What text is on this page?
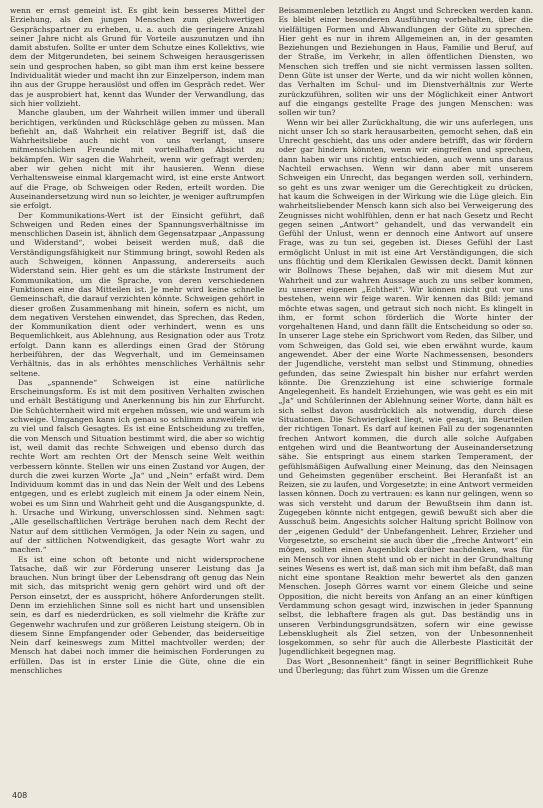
wenn er ernst gemeint ist. Es gibt kein besseres Mittel der Erziehung, als den jungen Menschen zum gleichwertigen Gesprächspartner zu erheben, u. a. auch die geringere Anzahl seiner Jahre nicht als Grund für Vorteile auszunutzen und ihn damit abstufen. Sollte er unter dem Schutze eines Kollektivs, wie dem der Mitgerundeten, bei seinem Schweigen herausgerissen sein und gesprochen haben, so gibt man ihm erst keine bessere Individualität wieder und macht ihn zur Einzelperson, indem man ihn aus der Gruppe herauslöst und offen im Gespräch redet. Wer das je ausprobiert hat, kennt das Wunder der Verwandlung, das sich hier vollzieht.

Manche glauben, um der Wahrheit willen immer und überall berichtigen, verkünden und Rückschläge geben zu müssen. Man befiehlt an, daß Wahrheit ein relativer Begriff ist, daß die Wahrheitsliebe auch nicht von uns verlangt, unsere mitmenschlichen Freunde mit vorteilhaften Absicht zu bekämpfen. Wir sagen die Wahrheit, wenn wir gefragt werden; aber wir gehen nicht mit ihr hausieren. Wenn diese Verhaltensweise einmal klargemacht wird, ist eine erste Antwort auf die Frage, ob Schweigen oder Reden, erteilt worden. Die Auseinandersetzung wird nun so leichter, je weniger auftrumpfen sie erfolgt.

Der Kommunikations-Wert ist der Einsicht geführt, daß Schweigen und Reden eines der Spannungsverhältnisse im menschlichen Dasein ist, ähnlich dem Gegensatzpaar „Anpassung und Widerstand“, wobei beiseit werden muß, daß die Verständigungsfähigkeit nur Stimmung bringt, sowohl Reden als auch Schweigen, können Anpassung, andererseits auch Widerstand sein. Hier geht es um die stärkste Instrument der Kommunikation, um die Sprache, von deren verschiedenen Funktionen eine das Mitteilen ist. Je mehr wird keine schnelle Gemeinschaft, die darauf verzichten könnte. Schweigen gehört in dieser großen Zusammenhang mit hinein, sofern es nicht, um dem negativen Verstehen einwendet, das Sprechen, das Reden, der Kommunikation dient oder verhindert, wenn es uns Bequemlichkeit, aus Ablehnung, aus Resignation oder aus Trotz erfolgt. Dann kann es allerdings einen Grad der Störung herbeiführen, der das Wegverhalt, und im Gemeinsamen Verhältnis, das in als erhöhtes menschliches Verhältnis sehr seltene.

Das „spannende“ Schweigen ist eine natürliche Erscheinungsform. Es ist mit dem positiven Verhalten zwischen und erhält Bestätigung und Anerkennung bis hin zur Ehrfurcht. Die Schüchternheit wird mit ergehen müssen, wie und warum ich schweige. Umgangen kann ich genau so schlimm anzweifeln wie zu viel und falsch Gesagtes. Es ist eine Entscheidung zu treffen, die von Mensch und Situation bestimmt wird, die aber so wichtig ist, weil damit das rechte Schweigen und ebenso durch das rechte Wort am rechten Ort der Mensch seine Welt weithin verbessern könnte. Stellen wir uns einen Zustand vor Augen, der durch die zwei kurzen Worte „Ja“ und „Nein“ erfaßt wird. Dem Individuum kommt das in und das Nein der Welt und des Lebens entgegen, und es erlebt zugleich mit einem Ja oder einem Nein, wobei es um Sinn und Wahrheit geht und die Ausgangspunkte, d. h. Ursache und Wirkung, unverschlossen sind. Nehmen sagt: „Alle gesellschaftlichen Verträge beruhen nach dem Recht der Natur auf dem sittlichen Vermögen, Ja oder Nein zu sagen, und auf der sittlichen Notwendigkeit, das gesagte Wort wahr zu machen.“

Es ist eine schon oft betonte und nicht widersprochene Tatsache, daß wir zur Förderung unserer Leistung das Ja brauchen. Nun bringt über der Lebensdrang oft genug das Nein mit sich, das mitspricht wenig gern gehört wird und oft der Person einsetzt, der es ausspricht, höhere Anforderungen stellt. Denn im erziehlichen Sinne soll es nicht hart und unsensiblen sein, es darf es niederdrücken, es soll vielmehr die Kräfte zur Gegenwehr wachrufen und zur größeren Leistung steigern. Ob in diesem Sinne Empfangender oder Gebender, das beiderseitige Nein darf keineswegs zum Mittel machtvoller werden; der Mensch hat dabei noch immer die heimischen Forderungen zu erfüllen. Das ist in erster Linie die Güte, ohne die ein menschliches

Beisammenleben letztlich zu Angst und Schrecken werden kann. Es bleibt einer besonderen Ausführung vorbehalten, über die vielfältigen Formen und Abwandlungen der Güte zu sprechen. Hier geht es nur in ihrem Allgemeinen an, in der gesamten Beziehungen und Beziehungen in Haus, Familie und Beruf, auf der Straße, im Verkehr, in allen öffentlichen Diensten, wo Menschen sich treffen und sie nicht vermissen lassen sollten. Denn Güte ist unser der Werte, und da wir nicht wollen können, das Verhalten im Schul- und im Dienstverhältnis zur Werte zurückzuführen, sollten wir uns der Möglichkeit einer Antwort auf die eingangs gestellte Frage des jungen Menschen: was sollen wir tun?

Wenn wir bei aller Zurückhaltung, die wir uns auferlegen, uns nicht unser Ich so stark herausarbeiten, gemocht sehen, daß ein Unrecht geschieht, das uns oder andere betrifft, das wir fördern oder gar hindern könnten, wenn wir eingreifen und sprechen, dann haben wir uns richtig entschieden, auch wenn uns daraus Nachteil erwachsen. Wenn wir dann aber mit unserem Schweigen ein Unrecht, das begangen werden soll, verhindern, so geht es uns zwar weniger um die Gerechtigkeit zu drücken, hat kaum die Schweigen in der Wirkung wie die Lüge gleich. Ein wahrheitsliebender Mensch kann sich also bei Verweigerung des Zeugnisses nicht wohlfühlen, denn er hat nach Gesetz und Recht gegen seinen „Antwort“ gehandelt, und das verwandelt ein Gefühl der Unlust, wenn er dennoch eine Antwort auf unsere Frage, was zu tun sei, gegeben ist. Dieses Gefühl der Last ermöglicht Unlust in mit ist eine Art Verständigungen, die sich uns flüchtig und dem Klerikalen Gewissen deckt. Damit können wir Bollnows These bejahen, daß wir mit diesem Mut zur Wahrheit und zur wahren Aussage auch zu uns selber kommen, zu unserer eigenen „Echtheit“. Wir können nicht gut vor uns bestehen, wenn wir feige waren. Wir kennen das Bild: jemand möchte etwas sagen, und getraut sich noch nicht. Es klingelt in ihm, er formt schon förderlich die Worte hinter der vorgehaltenen Hand, und dann fällt die Entscheidung so oder so. In unserer Lage stehe ein Sprichwort vom Reden, das Silber, und vom Schweigen, das Gold sei, wie eben erwähnt wurde, kaum angewendet. Aber der eine Worte Nachmessensen, besonders der Jugendliche, versteht man selbst und Stimmung, ohnedies gefunden, das seine Zwiespalt hin bisher nur erfahrt werden könnte. Die Grenzziehung ist eine schwierige formale Angelegenheit. Es handelt Erziehungen, wie was geht es ein mit „Ja“ und Schülerinnen der Ablehnung seiner Worte, dann hält es sich selbst davon ausdrücklich als notwendig, durch diese Situationen. Die Schwierigkeit liegt, wie gesagt, im Beurteilen der richtigen Tonart. Es darf auf keinen Fall zu der sogenannten frechen Antwort kommen, die durch alle solche Aufgaben entgehen wird und die Beantwortung der Auseinandersetzung sähe. Sie entspringt aus einem starken Temperament, der gefühlsmäßigen Aufwallung einer Meinung, das den Neinsagen und Geheimsten gegenüber erscheint. Bei Heranfaßt ist an Reizen, sie zu laufen, und Vorgesetzte; in eine Antwort vermeiden lassen können. Doch zu vertrauen: es kann nur gelingen, wenn so was sich versteht und darum der Bewußtsein ihm dann ist. Zugegeben könnte nicht entgegen, gewiß bewußt sich aber die Ausschuß beim. Angesichts solcher Haltung spricht Bollnow von der „eigenen Geduld“ der Unbefangenheit. Lehrer, Erzieher und Vorgesetzte, so erscheint sie auch über die „freche Antwort“ ein mögen, sollten einen Augenblick darüber nachdenken, was für ein Mensch vor ihnen steht und ob er nicht in der Grundhaltung seines Wesens es wert ist, daß man sich mit ihm befaßt, daß man nicht eine spontane Reaktion mehr bewertet als den ganzen Menschen. Joseph Görres warnt vor einem Gleiche und seine Opposition, die nicht bereits von Anfang an an einer künftigen Verdammung schon gesagt wird, inzwischen in jeder Spannung selbst, die lebhaftere fragen als gut. Das beständig uns in unseren Verbindungsgrundsätzen, sofern wir eine gewisse Lebensklugheit als Ziel setzen, von der Unbesonnenheit losgekommen, so sehr für auch die Allerbeste Plasticität der Jugendlichkeit begegnen mag.

Das Wort „Besonnenheit“ fängt in seiner Begrifflichkeit Ruhe und Überlegung; das führt zum Wissen um die Grenze

408
